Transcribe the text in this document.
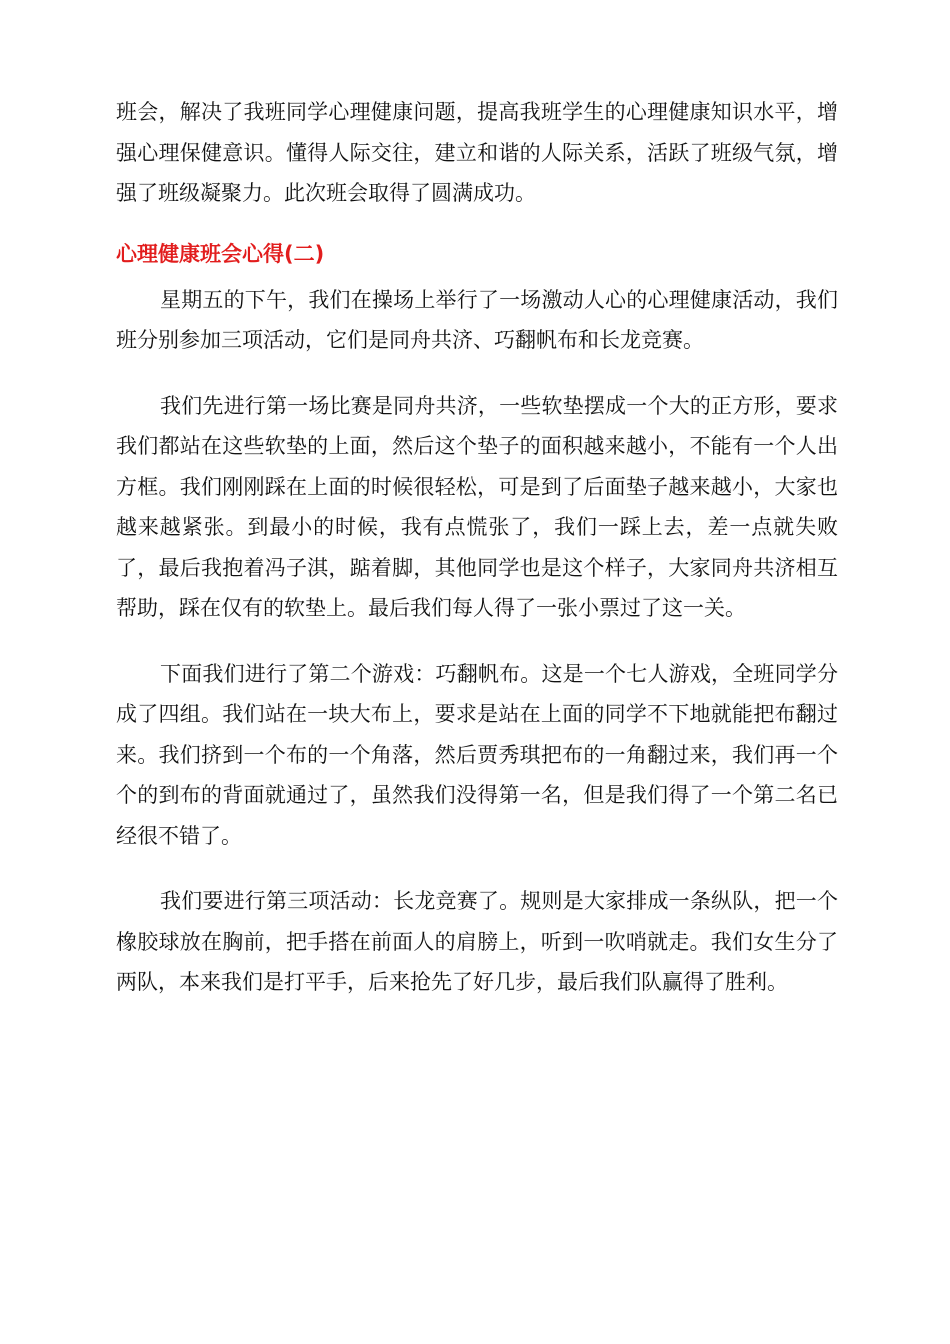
班会，解决了我班同学心理健康问题，提高我班学生的心理健康知识水平，增强心理保健意识。懂得人际交往，建立和谐的人际关系，活跃了班级气氛，增强了班级凝聚力。此次班会取得了圆满成功。

心理健康班会心得(二)

星期五的下午，我们在操场上举行了一场激动人心的心理健康活动，我们班分别参加三项活动，它们是同舟共济、巧翻帆布和长龙竞赛。

我们先进行第一场比赛是同舟共济，一些软垫摆成一个大的正方形，要求我们都站在这些软垫的上面，然后这个垫子的面积越来越小，不能有一个人出方框。我们刚刚踩在上面的时候很轻松，可是到了后面垫子越来越小，大家也越来越紧张。到最小的时候，我有点慌张了，我们一踩上去，差一点就失败了，最后我抱着冯子淇，踮着脚，其他同学也是这个样子，大家同舟共济相互帮助，踩在仅有的软垫上。最后我们每人得了一张小票过了这一关。

下面我们进行了第二个游戏：巧翻帆布。这是一个七人游戏，全班同学分成了四组。我们站在一块大布上，要求是站在上面的同学不下地就能把布翻过来。我们挤到一个布的一个角落，然后贾秀琪把布的一角翻过来，我们再一个个的到布的背面就通过了，虽然我们没得第一名，但是我们得了一个第二名已经很不错了。

我们要进行第三项活动：长龙竞赛了。规则是大家排成一条纵队，把一个橡胶球放在胸前，把手搭在前面人的肩膀上，听到一吹哨就走。我们女生分了两队，本来我们是打平手，后来抢先了好几步，最后我们队赢得了胜利。
